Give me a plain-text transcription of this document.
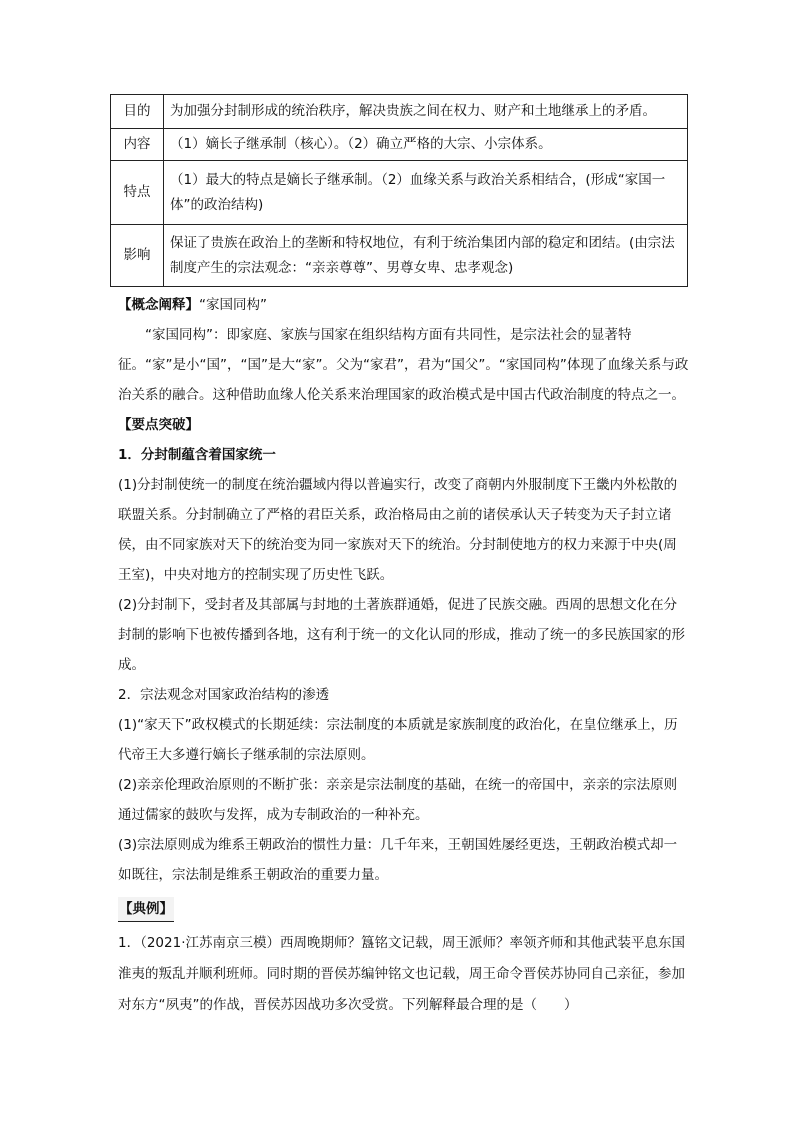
目的	为加强分封制形成的统治秩序，解决贵族之间在权力、财产和土地继承上的矛盾。
内容	（1）嫡长子继承制（核心）。（2）确立严格的大宗、小宗体系。
特点	（1）最大的特点是嫡长子继承制。（2）血缘关系与政治关系相结合，(形成“家国一体”的政治结构)
影响	保证了贵族在政治上的垄断和特权地位，有利于统治集团内部的稳定和团结。(由宗法制度产生的宗法观念：“亲亲尊尊”、男尊女卑、忠孝观念)

【概念阐释】“家国同构”

“家国同构”：即家庭、家族与国家在组织结构方面有共同性，是宗法社会的显著特征。“家”是小“国”，“国”是大“家”。父为“家君”，君为“国父”。“家国同构”体现了血缘关系与政治关系的融合。这种借助血缘人伦关系来治理国家的政治模式是中国古代政治制度的特点之一。

【要点突破】

1．分封制蕴含着国家统一

(1)分封制使统一的制度在统治疆域内得以普遍实行，改变了商朝内外服制度下王畿内外松散的联盟关系。分封制确立了严格的君臣关系，政治格局由之前的诸侯承认天子转变为天子封立诸侯，由不同家族对天下的统治变为同一家族对天下的统治。分封制使地方的权力来源于中央(周王室)，中央对地方的控制实现了历史性飞跃。

(2)分封制下，受封者及其部属与封地的土著族群通婚，促进了民族交融。西周的思想文化在分封制的影响下也被传播到各地，这有利于统一的文化认同的形成，推动了统一的多民族国家的形成。

2．宗法观念对国家政治结构的渗透

(1)“家天下”政权模式的长期延续：宗法制度的本质就是家族制度的政治化，在皇位继承上，历代帝王大多遵行嫡长子继承制的宗法原则。

(2)亲亲伦理政治原则的不断扩张：亲亲是宗法制度的基础，在统一的帝国中，亲亲的宗法原则通过儒家的鼓吹与发挥，成为专制政治的一种补充。

(3)宗法原则成为维系王朝政治的惯性力量：几千年来，王朝国姓屡经更迭，王朝政治模式却一如既往，宗法制是维系王朝政治的重要力量。

【典例】

1．（2021·江苏南京三模）西周晚期师？簋铭文记载，周王派师？率领齐师和其他武装平息东国淮夷的叛乱并顺利班师。同时期的晋侯苏编钟铭文也记载，周王命令晋侯苏协同自己亲征，参加对东方“夙夷”的作战，晋侯苏因战功多次受赏。下列解释最合理的是（　　）
